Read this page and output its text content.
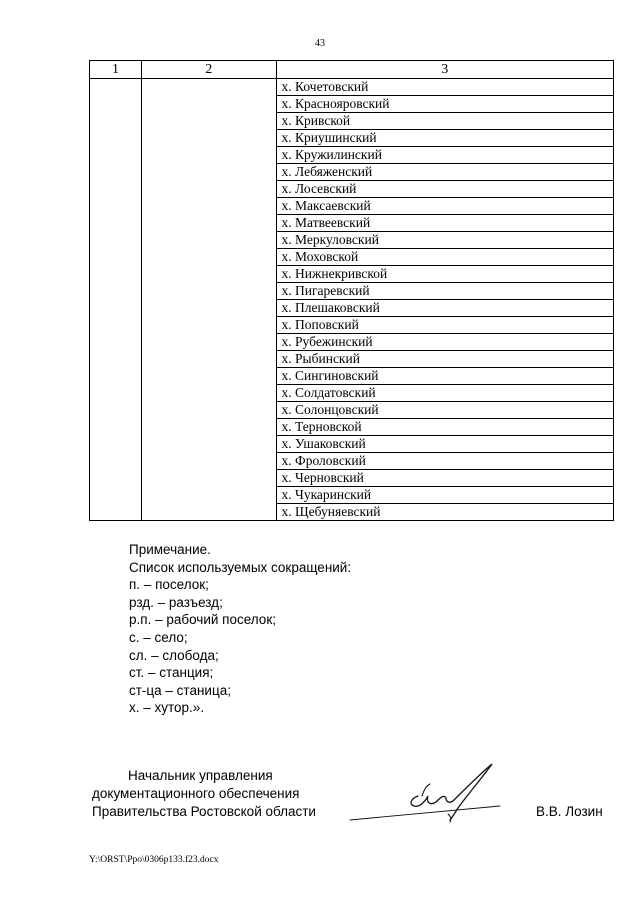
43
1	2	3
		х. Кочетовский
		х. Краснояровский
		х. Кривской
		х. Криушинский
		х. Кружилинский
		х. Лебяженский
		х. Лосевский
		х. Максаевский
		х. Матвеевский
		х. Меркуловский
		х. Моховской
		х. Нижнекривской
		х. Пигаревский
		х. Плешаковский
		х. Поповский
		х. Рубежинский
		х. Рыбинский
		х. Сингиновский
		х. Солдатовский
		х. Солонцовский
		х. Терновской
		х. Ушаковский
		х. Фроловский
		х. Черновский
		х. Чукаринский
		х. Щебуняевский
Примечание.
Список используемых сокращений:
п. – поселок;
рзд. – разъезд;
р.п. – рабочий поселок;
с. – село;
сл. – слобода;
ст. – станция;
ст-ца – станица;
х. – хутор.».
Начальник управления
документационного обеспечения
Правительства Ростовской области	В.В. Лозин
Y:\ORST\Ppo\0306p133.f23.docx
